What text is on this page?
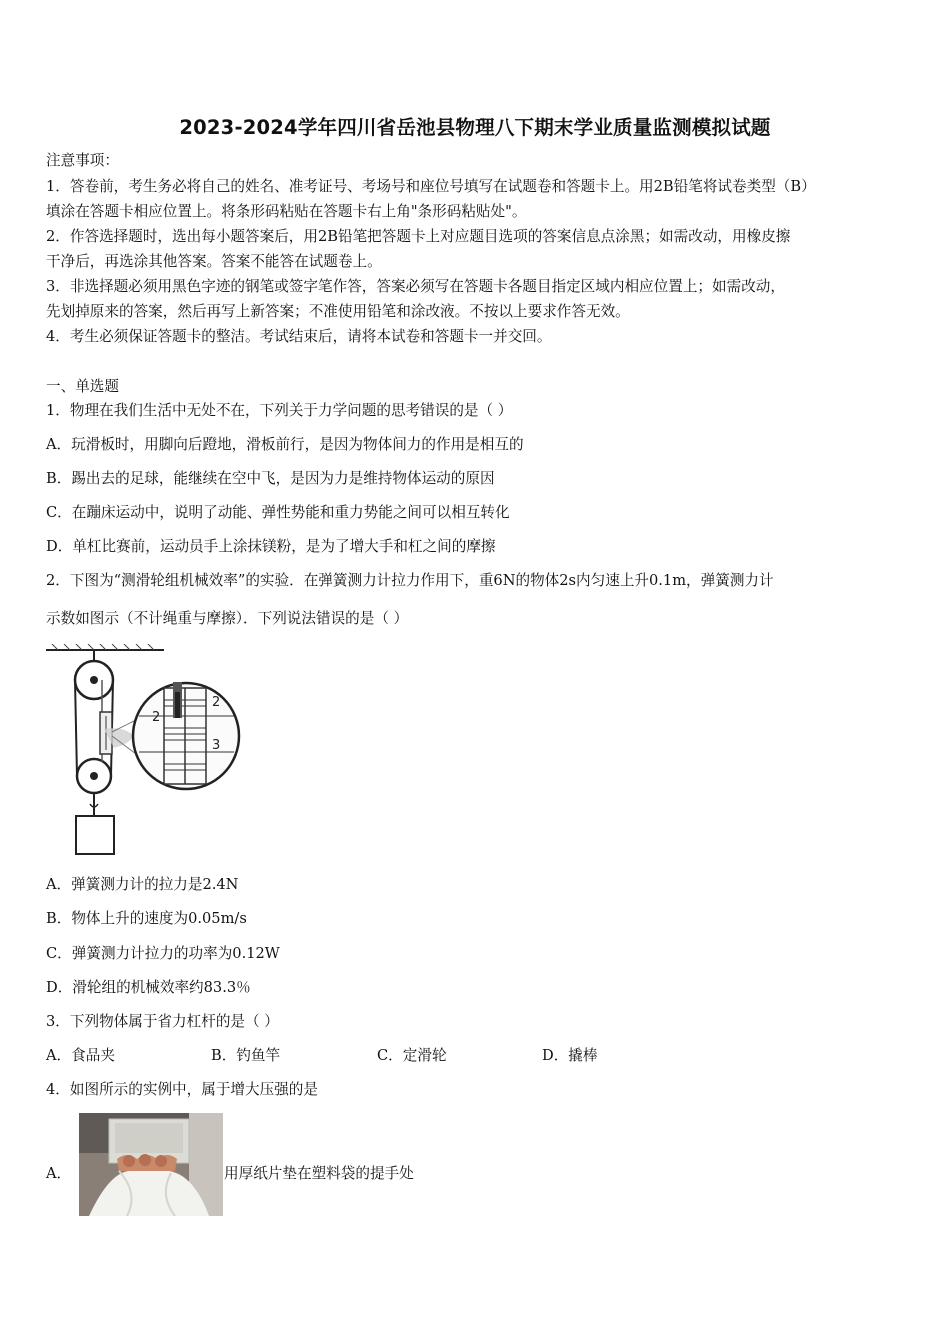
2023-2024学年四川省岳池县物理八下期末学业质量监测模拟试题
注意事项：
1．答卷前，考生务必将自己的姓名、准考证号、考场号和座位号填写在试题卷和答题卡上。用2B铅笔将试卷类型（B）
填涂在答题卡相应位置上。将条形码粘贴在答题卡右上角"条形码粘贴处"。
2．作答选择题时，选出每小题答案后，用2B铅笔把答题卡上对应题目选项的答案信息点涂黑；如需改动，用橡皮擦
干净后，再选涂其他答案。答案不能答在试题卷上。
3．非选择题必须用黑色字迹的钢笔或签字笔作答，答案必须写在答题卡各题目指定区域内相应位置上；如需改动，
先划掉原来的答案，然后再写上新答案；不准使用铅笔和涂改液。不按以上要求作答无效。
4．考生必须保证答题卡的整洁。考试结束后，请将本试卷和答题卡一并交回。
一、单选题
1．物理在我们生活中无处不在，下列关于力学问题的思考错误的是（ ）
A．玩滑板时，用脚向后蹬地，滑板前行，是因为物体间力的作用是相互的
B．踢出去的足球，能继续在空中飞，是因为力是维持物体运动的原因
C．在蹦床运动中，说明了动能、弹性势能和重力势能之间可以相互转化
D．单杠比赛前，运动员手上涂抹镁粉，是为了增大手和杠之间的摩擦
2．下图为“测滑轮组机械效率”的实验．在弹簧测力计拉力作用下，重6N的物体2s内匀速上升0.1m，弹簧测力计
示数如图示（不计绳重与摩擦）．下列说法错误的是（ ）
2
2
3
A．弹簧测力计的拉力是2.4N
B．物体上升的速度为0.05m/s
C．弹簧测力计拉力的功率为0.12W
D．滑轮组的机械效率约83.3％
3．下列物体属于省力杠杆的是（ ）
A．食品夹	B．钓鱼竿	C．定滑轮	D．撬棒
4．如图所示的实例中，属于增大压强的是
A．	用厚纸片垫在塑料袋的提手处
